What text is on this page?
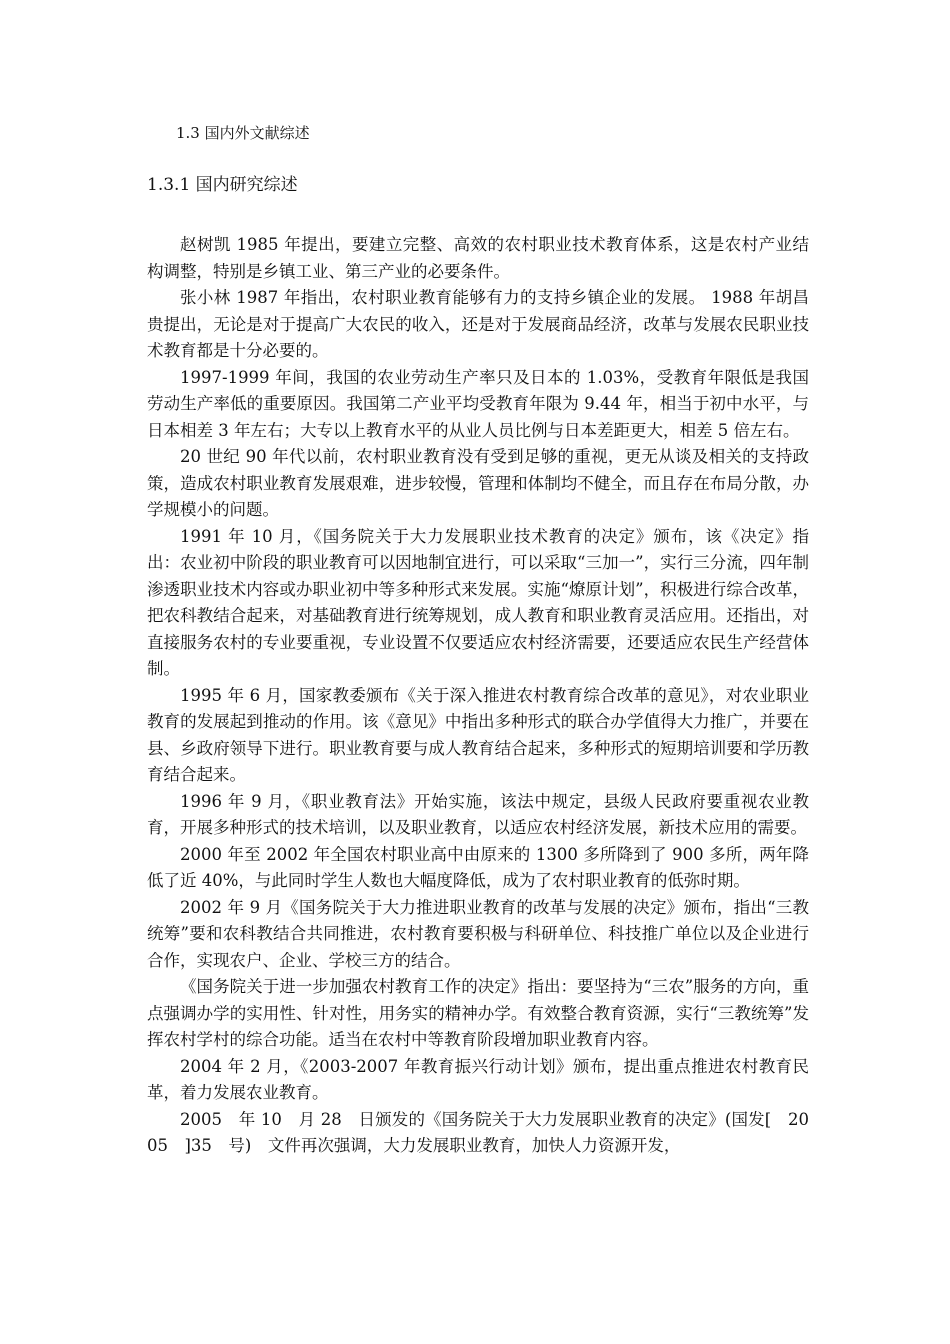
1.3 国内外文献综述
1.3.1 国内研究综述

赵树凯 1985 年提出，要建立完整、高效的农村职业技术教育体系，这是农村产业结构调整，特别是乡镇工业、第三产业的必要条件。

张小林 1987 年指出，农村职业教育能够有力的支持乡镇企业的发展。 1988 年胡昌贵提出，无论是对于提高广大农民的收入，还是对于发展商品经济，改革与发展农民职业技术教育都是十分必要的。

1997-1999 年间，我国的农业劳动生产率只及日本的 1.03%，受教育年限低是我国劳动生产率低的重要原因。我国第二产业平均受教育年限为 9.44 年，相当于初中水平，与日本相差 3 年左右；大专以上教育水平的从业人员比例与日本差距更大，相差 5 倍左右。

20 世纪 90 年代以前，农村职业教育没有受到足够的重视，更无从谈及相关的支持政策，造成农村职业教育发展艰难，进步较慢，管理和体制均不健全，而且存在布局分散，办学规模小的问题。

1991 年 10 月，《国务院关于大力发展职业技术教育的决定》颁布，该《决定》指出：农业初中阶段的职业教育可以因地制宜进行，可以采取“三加一”，实行三分流，四年制渗透职业技术内容或办职业初中等多种形式来发展。实施“燎原计划”，积极进行综合改革，把农科教结合起来，对基础教育进行统筹规划，成人教育和职业教育灵活应用。还指出，对直接服务农村的专业要重视，专业设置不仅要适应农村经济需要，还要适应农民生产经营体制。

1995 年 6 月，国家教委颁布《关于深入推进农村教育综合改革的意见》，对农业职业教育的发展起到推动的作用。该《意见》中指出多种形式的联合办学值得大力推广，并要在县、乡政府领导下进行。职业教育要与成人教育结合起来，多种形式的短期培训要和学历教育结合起来。

1996 年 9 月，《职业教育法》开始实施，该法中规定，县级人民政府要重视农业教育，开展多种形式的技术培训，以及职业教育，以适应农村经济发展，新技术应用的需要。

2000 年至 2002 年全国农村职业高中由原来的 1300 多所降到了 900 多所，两年降低了近 40%，与此同时学生人数也大幅度降低，成为了农村职业教育的低弥时期。

2002 年 9 月《国务院关于大力推进职业教育的改革与发展的决定》颁布，指出“三教统筹”要和农科教结合共同推进，农村教育要积极与科研单位、科技推广单位以及企业进行合作，实现农户、企业、学校三方的结合。

《国务院关于进一步加强农村教育工作的决定》指出：要坚持为“三农”服务的方向，重点强调办学的实用性、针对性，用务实的精神办学。有效整合教育资源，实行“三教统筹”发挥农村学村的综合功能。适当在农村中等教育阶段增加职业教育内容。

2004 年 2 月，《2003-2007 年教育振兴行动计划》颁布，提出重点推进农村教育民革，着力发展农业教育。

2005　年 10　月 28　日颁发的《国务院关于大力发展职业教育的决定》(国发[　2005　]35　号)　文件再次强调，大力发展职业教育，加快人力资源开发，
